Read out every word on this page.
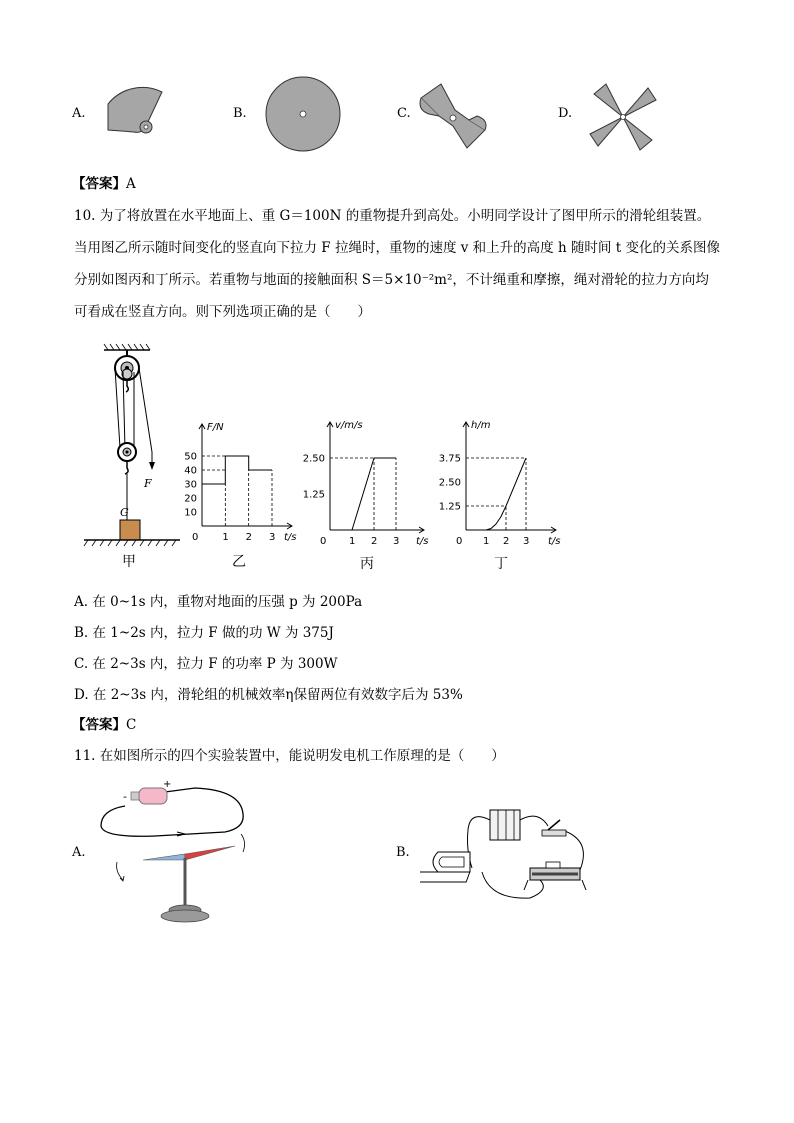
A.	B.	C.	D.
【答案】A
10. 为了将放置在水平地面上、重 G＝100N 的重物提升到高处。小明同学设计了图甲所示的滑轮组装置。
当用图乙所示随时间变化的竖直向下拉力 F 拉绳时，重物的速度 v 和上升的高度 h 随时间 t 变化的关系图像
分别如图丙和丁所示。若重物与地面的接触面积 S＝5×10⁻²m²，不计绳重和摩擦，绳对滑轮的拉力方向均
可看成在竖直方向。则下列选项正确的是（　　）
F
G
甲
F/N
t/s
0 1 2 3
10
20
30
40
50
乙
v/m/s
t/s
0 1 2 3
1.25
2.50
丙
h/m
t/s
0 1 2 3
1.25
2.50
3.75
丁
A. 在 0~1s 内，重物对地面的压强 p 为 200Pa
B. 在 1~2s 内，拉力 F 做的功 W 为 375J
C. 在 2~3s 内，拉力 F 的功率 P 为 300W
D. 在 2~3s 内，滑轮组的机械效率η保留两位有效数字后为 53%
【答案】C
11. 在如图所示的四个实验装置中，能说明发电机工作原理的是（　　）
A.
+
-
B.
